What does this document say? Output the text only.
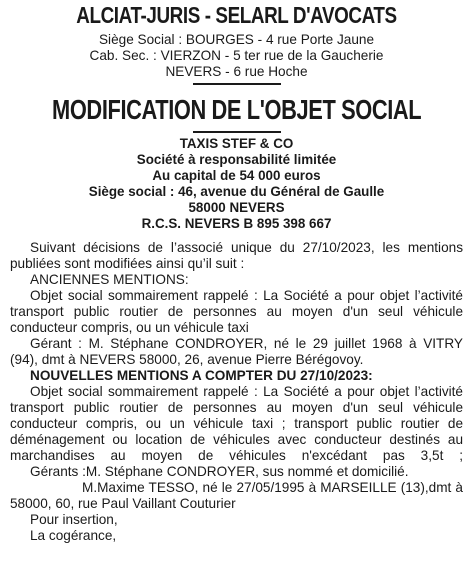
ALCIAT-JURIS - SELARL D'AVOCATS
Siège Social : BOURGES - 4 rue Porte Jaune
Cab. Sec. : VIERZON - 5 ter rue de la Gaucherie
NEVERS - 6 rue Hoche
MODIFICATION DE L'OBJET SOCIAL
TAXIS STEF & CO
Société à responsabilité limitée
Au capital de 54 000 euros
Siège social : 46, avenue du Général de Gaulle
58000 NEVERS
R.C.S. NEVERS B 895 398 667
Suivant décisions de l’associé unique du 27/10/2023, les mentions
publiées sont modifiées ainsi qu’il suit :
ANCIENNES MENTIONS:
Objet social sommairement rappelé : La Société a pour objet l’activité
transport public routier de personnes au moyen d'un seul véhicule
conducteur compris, ou un véhicule taxi
Gérant : M. Stéphane CONDROYER, né le 29 juillet 1968 à VITRY
(94), dmt à NEVERS 58000, 26, avenue Pierre Bérégovoy.
NOUVELLES MENTIONS A COMPTER DU 27/10/2023:
Objet social sommairement rappelé : La Société a pour objet l’activité
transport public routier de personnes au moyen d'un seul véhicule
conducteur compris, ou un véhicule taxi ; transport public routier de
déménagement ou location de véhicules avec conducteur destinés au
marchandises au moyen de véhicules n'excédant pas 3,5t ;
Gérants :M. Stéphane CONDROYER, sus nommé et domicilié.
M.Maxime TESSO, né le 27/05/1995 à MARSEILLE (13),dmt à
58000, 60, rue Paul Vaillant Couturier
Pour insertion,
La cogérance,
